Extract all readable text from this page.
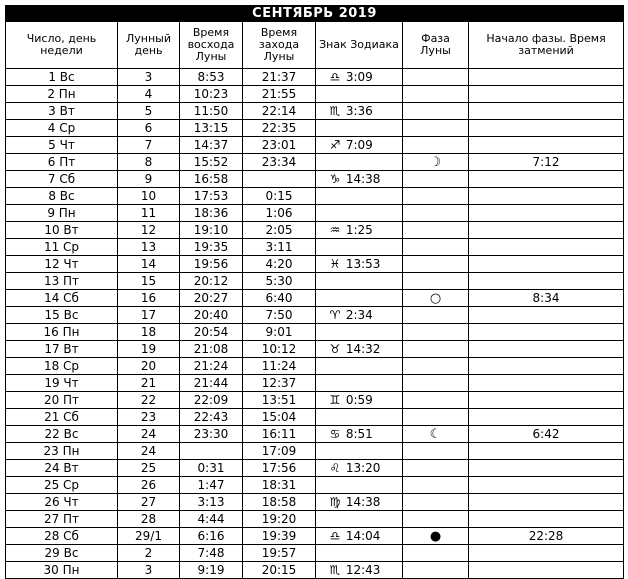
СЕНТЯБРЬ 2019						
Число, день недели	Лунный день	Время восхода Луны	Время захода Луны	Знак Зодиака	Фаза Луны	Начало фазы. Время затмений
1 Вс	3	8:53	21:37	♎ 3:09		
2 Пн	4	10:23	21:55			
3 Вт	5	11:50	22:14	♏ 3:36		
4 Ср	6	13:15	22:35			
5 Чт	7	14:37	23:01	♐ 7:09		
6 Пт	8	15:52	23:34		☽	7:12
7 Сб	9	16:58		♑ 14:38		
8 Вс	10	17:53	0:15			
9 Пн	11	18:36	1:06			
10 Вт	12	19:10	2:05	♒ 1:25		
11 Ср	13	19:35	3:11			
12 Чт	14	19:56	4:20	♓ 13:53		
13 Пт	15	20:12	5:30			
14 Сб	16	20:27	6:40		○	8:34
15 Вс	17	20:40	7:50	♈ 2:34		
16 Пн	18	20:54	9:01			
17 Вт	19	21:08	10:12	♉ 14:32		
18 Ср	20	21:24	11:24			
19 Чт	21	21:44	12:37			
20 Пт	22	22:09	13:51	♊ 0:59		
21 Сб	23	22:43	15:04			
22 Вс	24	23:30	16:11	♋ 8:51	☾	6:42
23 Пн	24		17:09			
24 Вт	25	0:31	17:56	♌ 13:20		
25 Ср	26	1:47	18:31			
26 Чт	27	3:13	18:58	♍ 14:38		
27 Пт	28	4:44	19:20			
28 Сб	29/1	6:16	19:39	♎ 14:04	●	22:28
29 Вс	2	7:48	19:57			
30 Пн	3	9:19	20:15	♏ 12:43		
